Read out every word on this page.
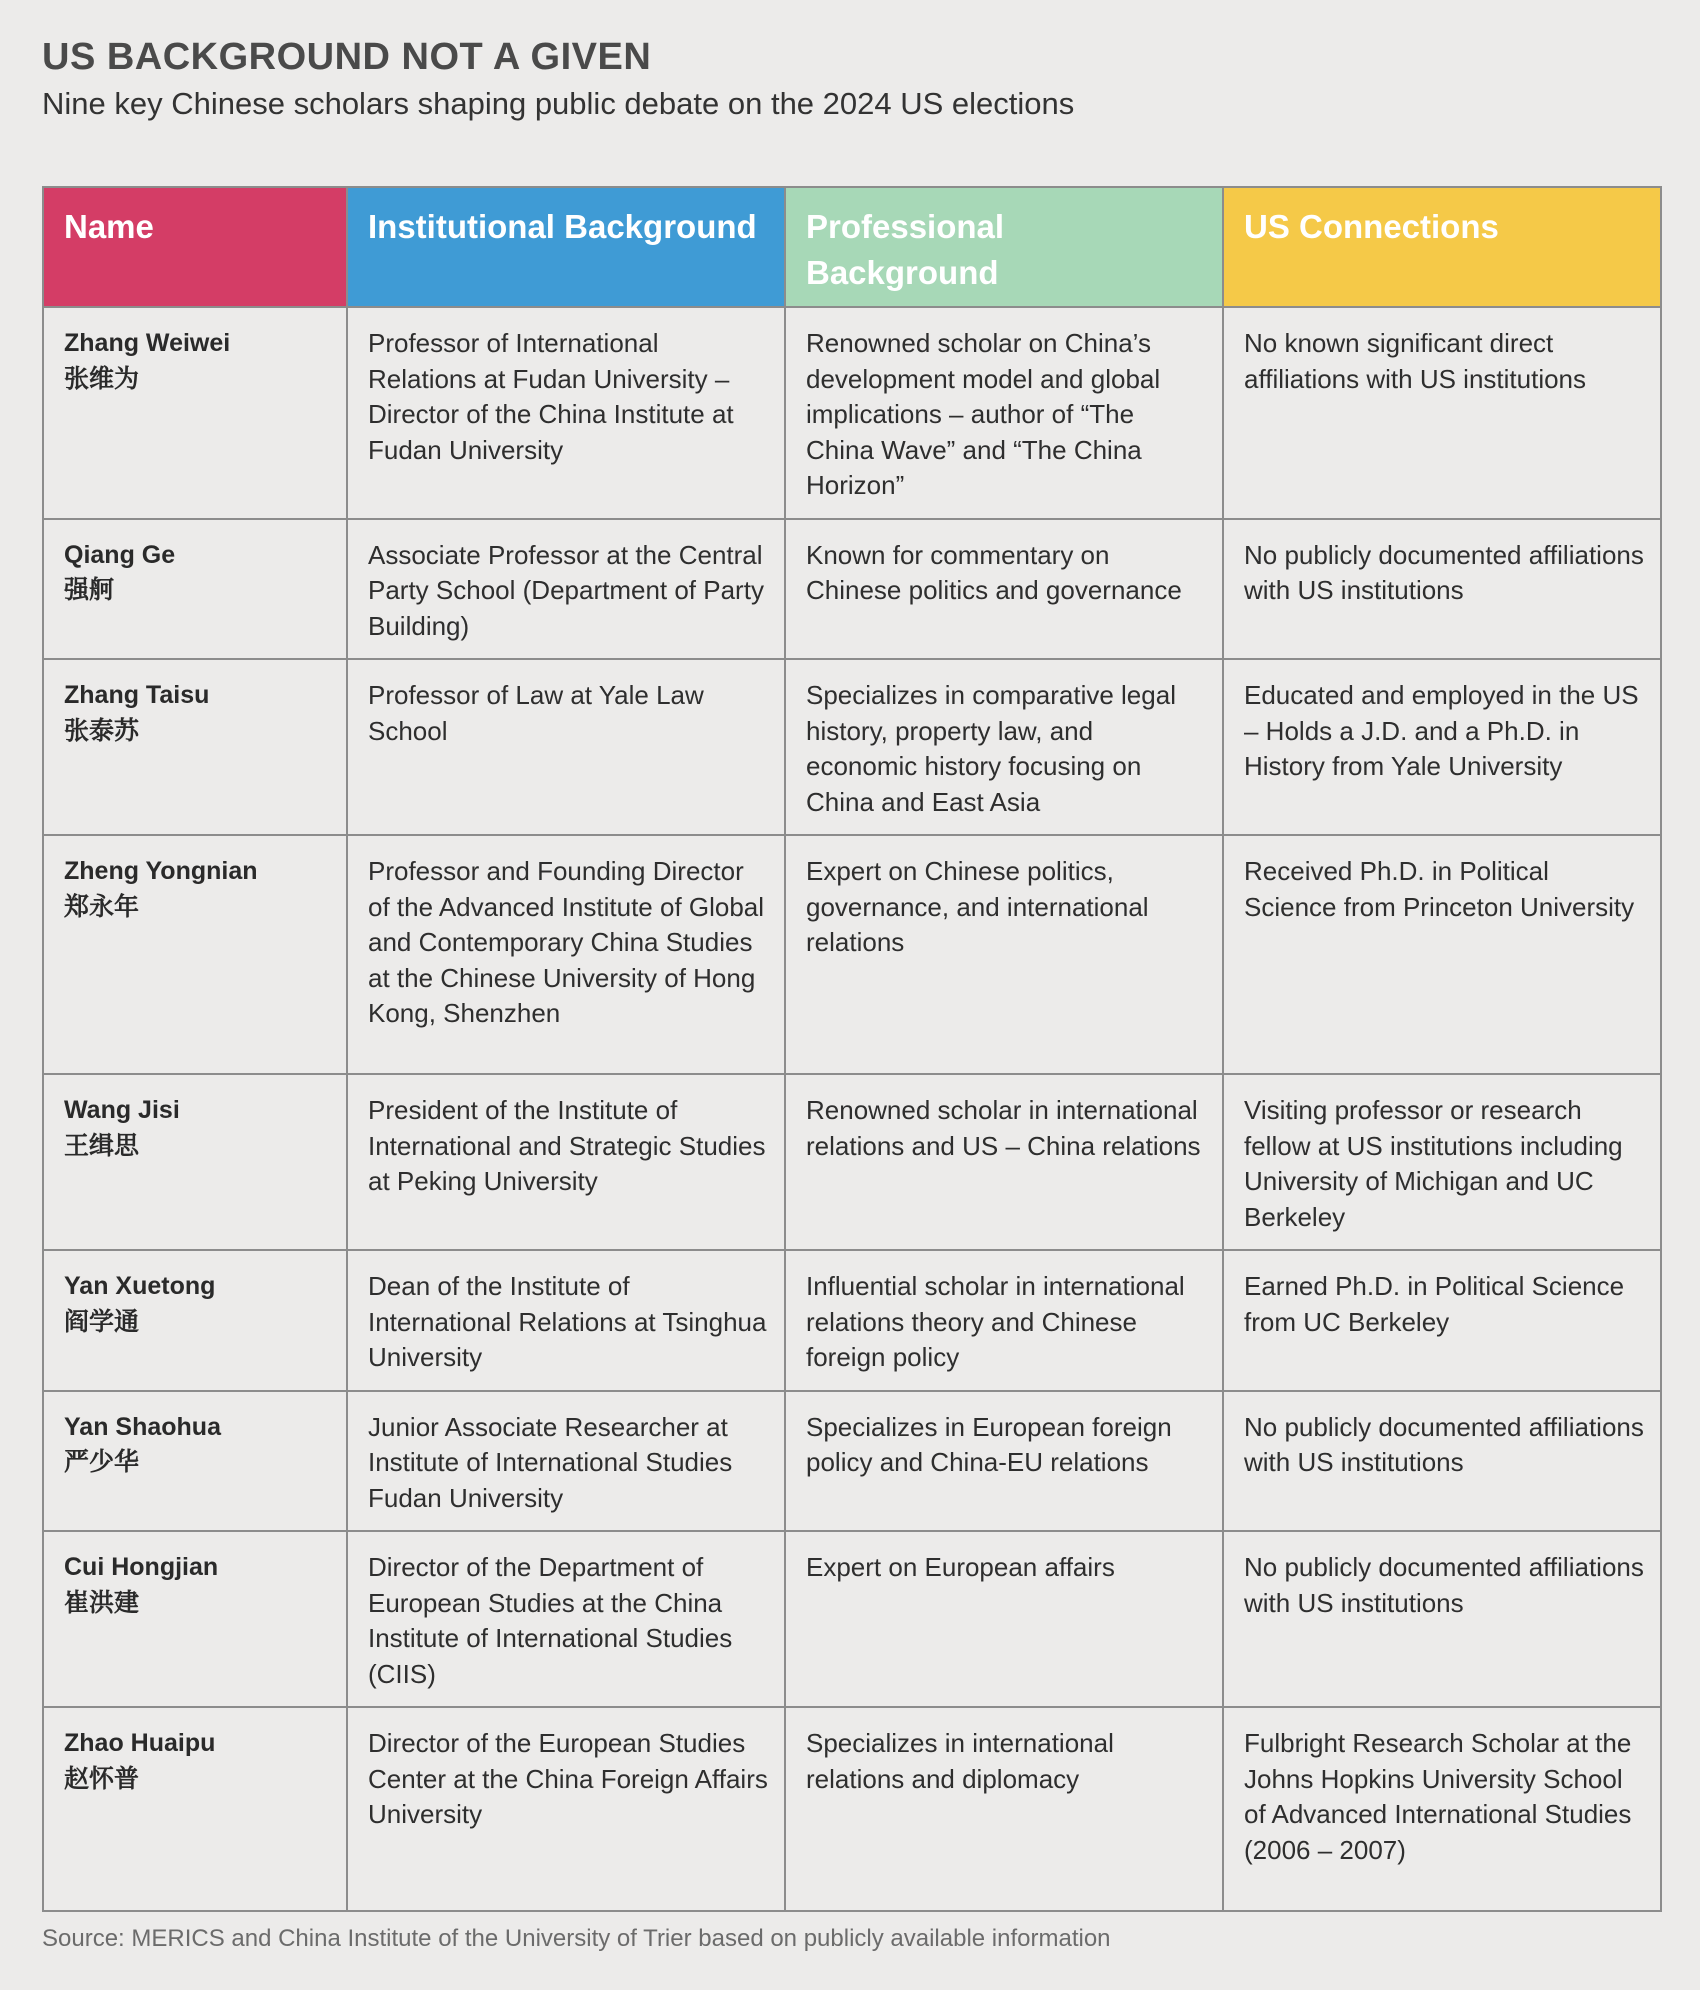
US BACKGROUND NOT A GIVEN

Nine key Chinese scholars shaping public debate on the 2024 US elections

Name	Institutional Background	Professional Background	US Connections

Zhang Weiwei
张维为	Professor of International Relations at Fudan University – Director of the China Institute at Fudan University	Renowned scholar on China’s development model and global implications – author of “The China Wave” and “The China Horizon”	No known significant direct affiliations with US institutions

Qiang Ge
强舸	Associate Professor at the Central Party School (Department of Party Building)	Known for commentary on Chinese politics and governance	No publicly documented affiliations with US institutions

Zhang Taisu
张泰苏	Professor of Law at Yale Law School	Specializes in comparative legal history, property law, and economic history focusing on China and East Asia	Educated and employed in the US – Holds a J.D. and a Ph.D. in History from Yale University

Zheng Yongnian
郑永年	Professor and Founding Director of the Advanced Institute of Global and Contemporary China Studies at the Chinese University of Hong Kong, Shenzhen	Expert on Chinese politics, governance, and international relations	Received Ph.D. in Political Science from Princeton University

Wang Jisi
王缉思	President of the Institute of International and Strategic Studies at Peking University	Renowned scholar in international relations and US – China relations	Visiting professor or research fellow at US institutions including University of Michigan and UC Berkeley

Yan Xuetong
阎学通	Dean of the Institute of International Relations at Tsinghua University	Influential scholar in international relations theory and Chinese foreign policy	Earned Ph.D. in Political Science from UC Berkeley

Yan Shaohua
严少华	Junior Associate Researcher at Institute of International Studies Fudan University	Specializes in European foreign policy and China-EU relations	No publicly documented affiliations with US institutions

Cui Hongjian
崔洪建	Director of the Department of European Studies at the China Institute of International Studies (CIIS)	Expert on European affairs	No publicly documented affiliations with US institutions

Zhao Huaipu
赵怀普	Director of the European Studies Center at the China Foreign Affairs University	Specializes in international relations and diplomacy	Fulbright Research Scholar at the Johns Hopkins University School of Advanced International Studies (2006 – 2007)

Source: MERICS and China Institute of the University of Trier based on publicly available information
